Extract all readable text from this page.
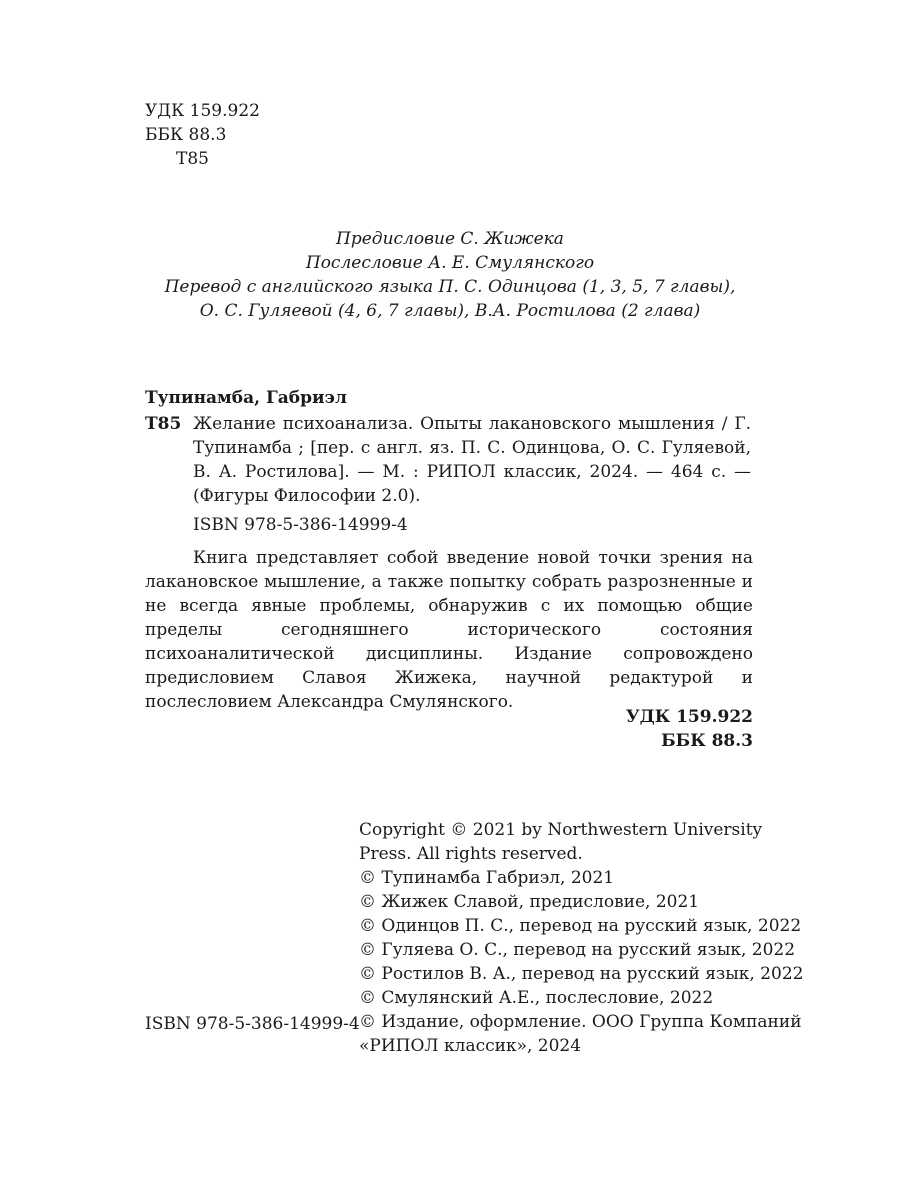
УДК 159.922
ББК 88.3
Т85
Предисловие С. Жижека
Послесловие А. Е. Смулянского
Перевод с английского языка П. С. Одинцова (1, 3, 5, 7 главы),
О. С. Гуляевой (4, 6, 7 главы), В.А. Ростилова (2 глава)
Тупинамба, Габриэл
Т85 Желание психоанализа. Опыты лакановского мышления / Г. Тупинамба ; [пер. с англ. яз. П. С. Одинцова, О. С. Гуляевой, В. А. Ростилова]. — М. : РИПОЛ классик, 2024. — 464 с. — (Фигуры Философии 2.0).
ISBN 978-5-386-14999-4
Книга представляет собой введение новой точки зрения на лакановское мышление, а также попытку собрать разрозненные и не всегда явные проблемы, обнаружив с их помощью общие пределы сегодняшнего исторического состояния психоаналитической дисциплины. Издание сопровождено предисловием Славоя Жижека, научной редактурой и послесловием Александра Смулянского.
УДК 159.922
ББК 88.3
Copyright © 2021 by Northwestern University
Press. All rights reserved.
© Тупинамба Габриэл, 2021
© Жижек Славой, предисловие, 2021
© Одинцов П. С., перевод на русский язык, 2022
© Гуляева О. С., перевод на русский язык, 2022
© Ростилов В. А., перевод на русский язык, 2022
© Смулянский А.Е., послесловие, 2022
© Издание, оформление. ООО Группа Компаний
«РИПОЛ классик», 2024
ISBN 978-5-386-14999-4
